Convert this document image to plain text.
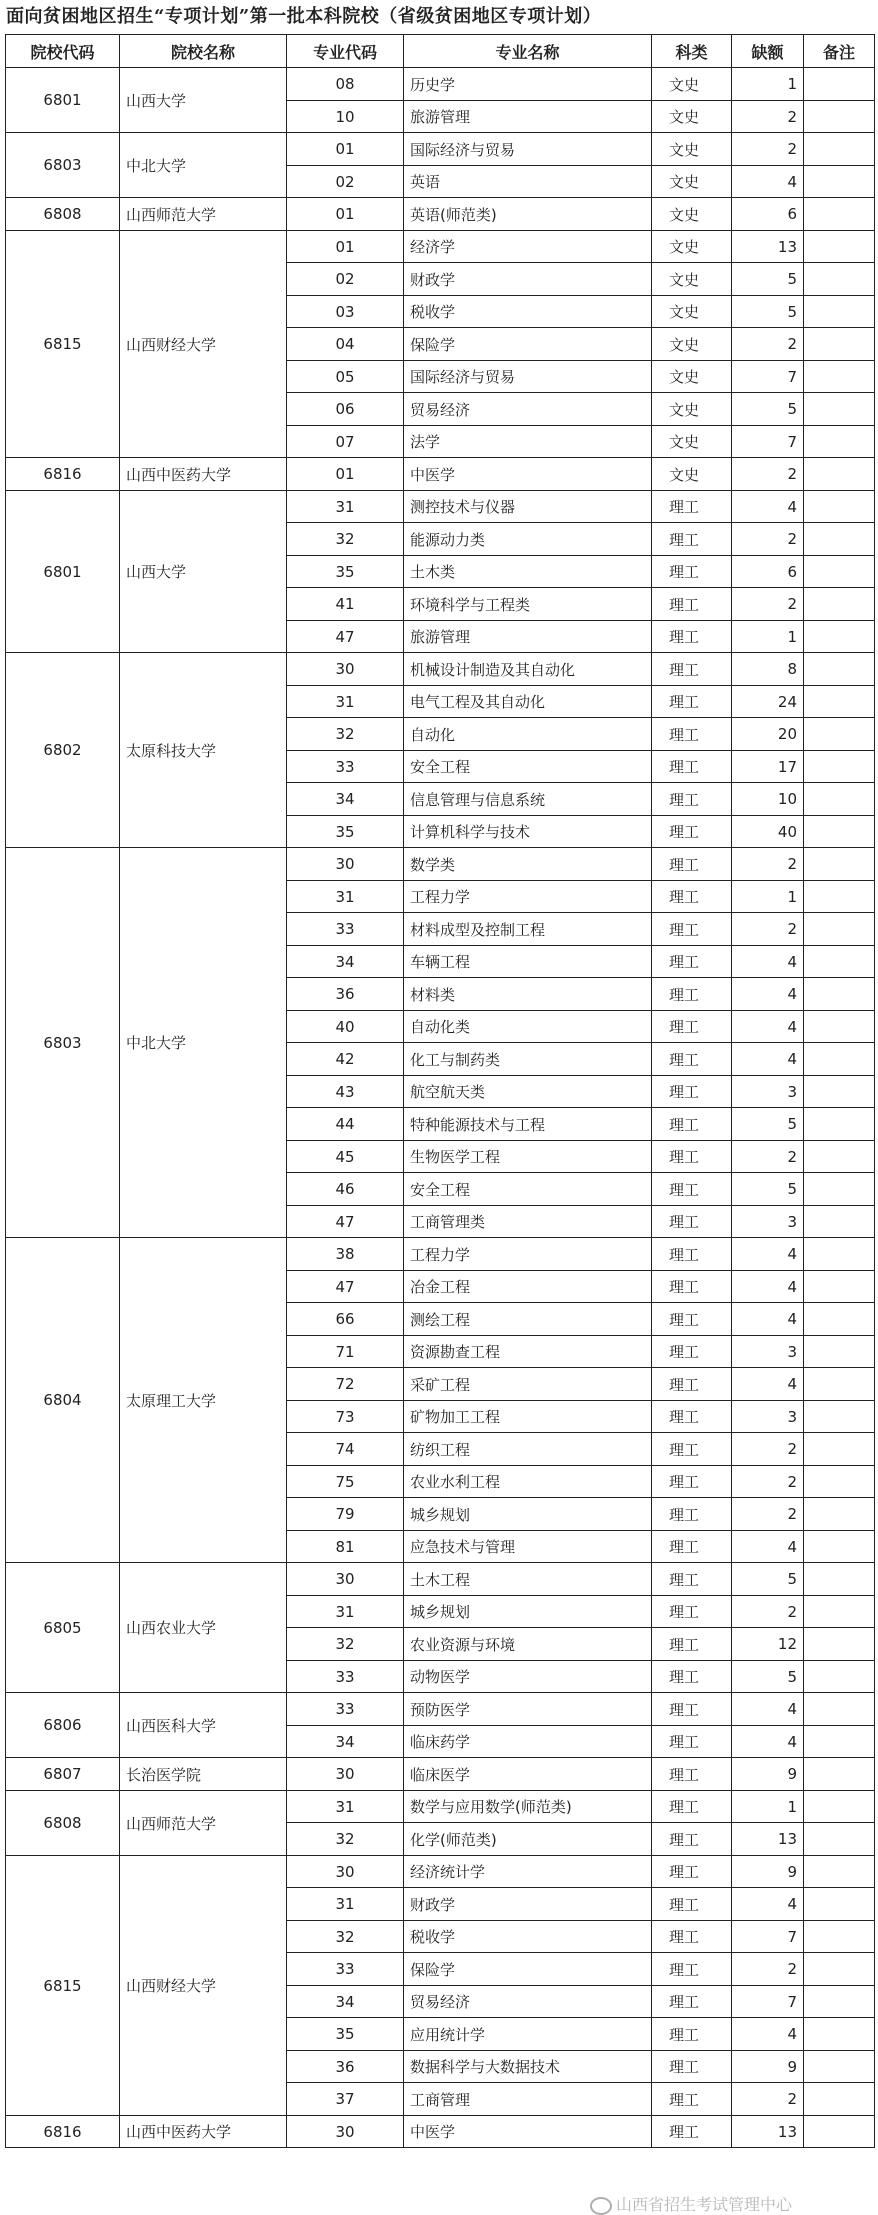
面向贫困地区招生“专项计划”第一批本科院校（省级贫困地区专项计划）
院校代码	院校名称	专业代码	专业名称	科类	缺额	备注
6801	山西大学	08	历史学	文史	1	
		10	旅游管理	文史	2	
6803	中北大学	01	国际经济与贸易	文史	2	
		02	英语	文史	4	
6808	山西师范大学	01	英语(师范类)	文史	6	
6815	山西财经大学	01	经济学	文史	13	
		02	财政学	文史	5	
		03	税收学	文史	5	
		04	保险学	文史	2	
		05	国际经济与贸易	文史	7	
		06	贸易经济	文史	5	
		07	法学	文史	7	
6816	山西中医药大学	01	中医学	文史	2	
6801	山西大学	31	测控技术与仪器	理工	4	
		32	能源动力类	理工	2	
		35	土木类	理工	6	
		41	环境科学与工程类	理工	2	
		47	旅游管理	理工	1	
6802	太原科技大学	30	机械设计制造及其自动化	理工	8	
		31	电气工程及其自动化	理工	24	
		32	自动化	理工	20	
		33	安全工程	理工	17	
		34	信息管理与信息系统	理工	10	
		35	计算机科学与技术	理工	40	
6803	中北大学	30	数学类	理工	2	
		31	工程力学	理工	1	
		33	材料成型及控制工程	理工	2	
		34	车辆工程	理工	4	
		36	材料类	理工	4	
		40	自动化类	理工	4	
		42	化工与制药类	理工	4	
		43	航空航天类	理工	3	
		44	特种能源技术与工程	理工	5	
		45	生物医学工程	理工	2	
		46	安全工程	理工	5	
		47	工商管理类	理工	3	
6804	太原理工大学	38	工程力学	理工	4	
		47	冶金工程	理工	4	
		66	测绘工程	理工	4	
		71	资源勘查工程	理工	3	
		72	采矿工程	理工	4	
		73	矿物加工工程	理工	3	
		74	纺织工程	理工	2	
		75	农业水利工程	理工	2	
		79	城乡规划	理工	2	
		81	应急技术与管理	理工	4	
6805	山西农业大学	30	土木工程	理工	5	
		31	城乡规划	理工	2	
		32	农业资源与环境	理工	12	
		33	动物医学	理工	5	
6806	山西医科大学	33	预防医学	理工	4	
		34	临床药学	理工	4	
6807	长治医学院	30	临床医学	理工	9	
6808	山西师范大学	31	数学与应用数学(师范类)	理工	1	
		32	化学(师范类)	理工	13	
6815	山西财经大学	30	经济统计学	理工	9	
		31	财政学	理工	4	
		32	税收学	理工	7	
		33	保险学	理工	2	
		34	贸易经济	理工	7	
		35	应用统计学	理工	4	
		36	数据科学与大数据技术	理工	9	
		37	工商管理	理工	2	
6816	山西中医药大学	30	中医学	理工	13	
山西省招生考试管理中心
